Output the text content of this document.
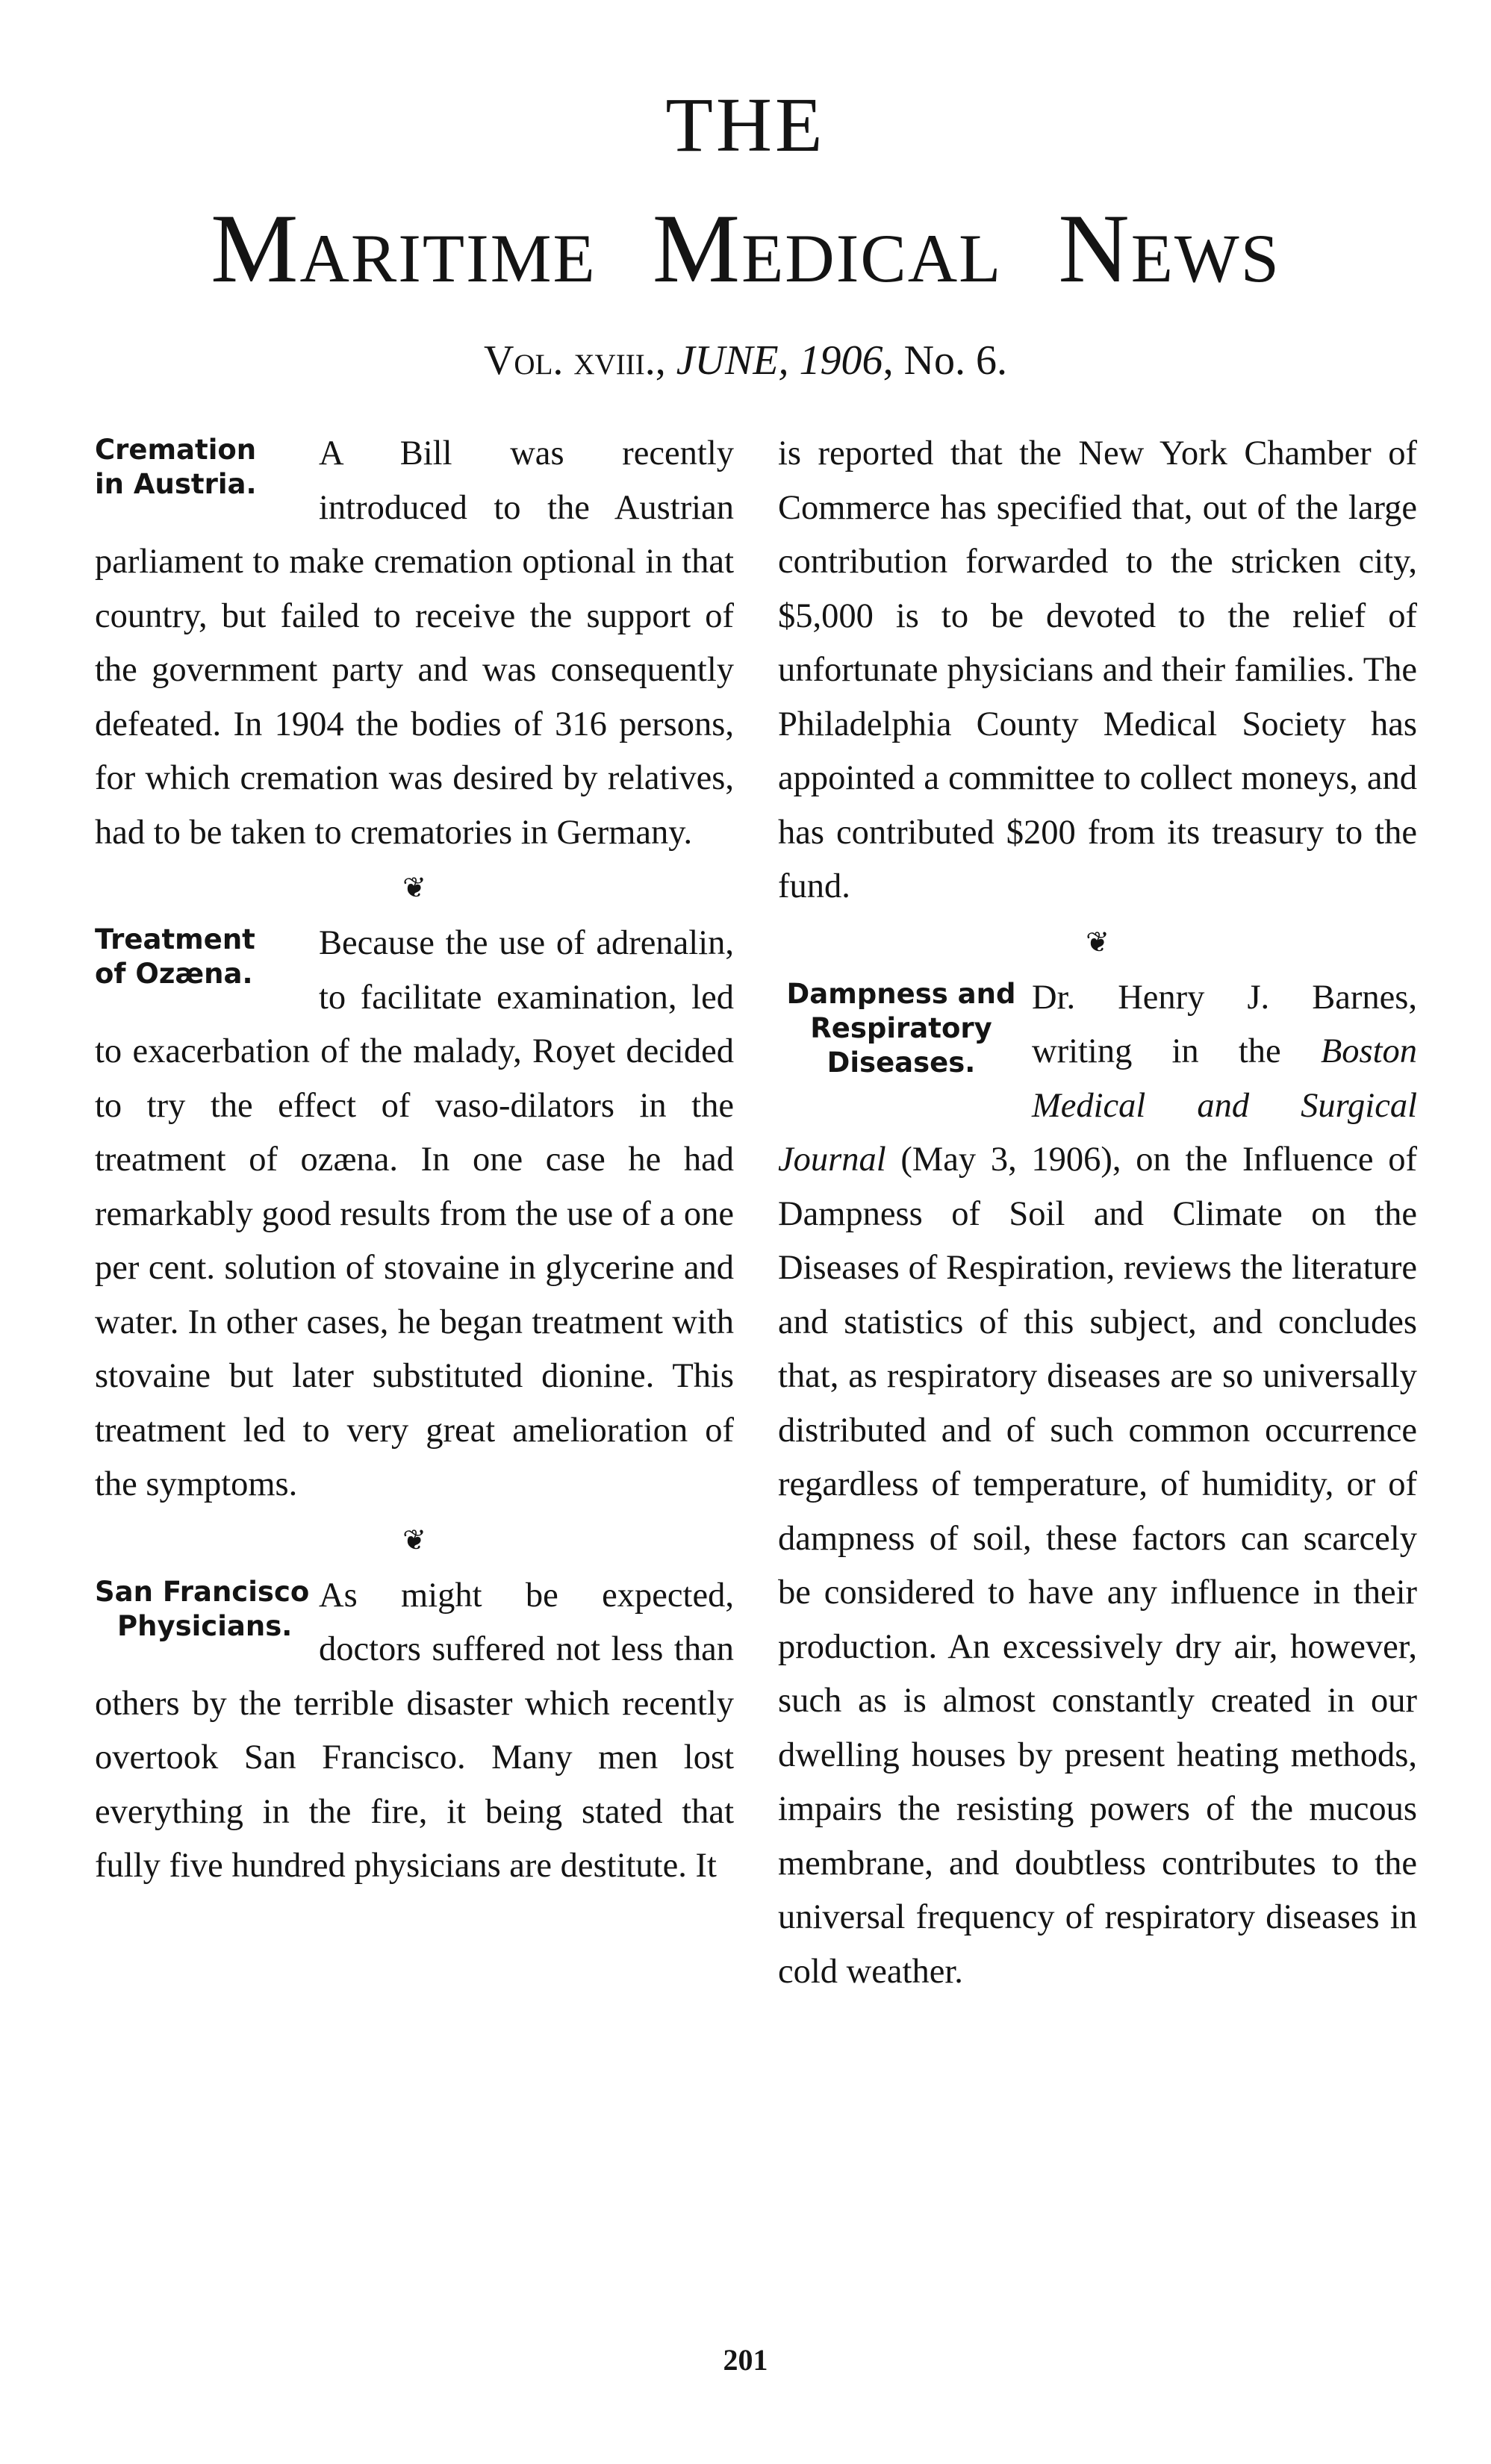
THE
Maritime Medical News
Vol. xviii., JUNE, 1906, No. 6.
Cremation
in Austria.

A Bill was recently introduced to the Austrian parliament to make cremation optional in that country, but failed to receive the support of the government party and was consequently defeated. In 1904 the bodies of 316 persons, for which cremation was desired by relatives, had to be taken to crematories in Germany.

❦
Treatment
of Ozæna.

Because the use of adrenalin, to facilitate examination, led to exacerbation of the malady, Royet decided to try the effect of vaso-dilators in the treatment of ozæna. In one case he had remarkably good results from the use of a one per cent. solution of stovaine in glycerine and water. In other cases, he began treatment with stovaine but later substituted dionine. This treatment led to very great amelioration of the symptoms.

❦
San Francisco
Physicians.

As might be expected, doctors suffered not less than others by the terrible disaster which recently overtook San Francisco. Many men lost everything in the fire, it being stated that fully five hundred physicians are destitute. It

is reported that the New York Chamber of Commerce has specified that, out of the large contribution forwarded to the stricken city, $5,000 is to be devoted to the relief of unfortunate physicians and their families. The Philadelphia County Medical Society has appointed a committee to collect moneys, and has contributed $200 from its treasury to the fund.

❦
Dampness and
Respiratory
Diseases.

Dr. Henry J. Barnes, writing in the Boston Medical and Surgical Journal (May 3, 1906), on the Influence of Dampness of Soil and Climate on the Diseases of Respiration, reviews the literature and statistics of this subject, and concludes that, as respiratory diseases are so universally distributed and of such common occurrence regardless of temperature, of humidity, or of dampness of soil, these factors can scarcely be considered to have any influence in their production. An excessively dry air, however, such as is almost constantly created in our dwelling houses by present heating methods, impairs the resisting powers of the mucous membrane, and doubtless contributes to the universal frequency of respiratory diseases in cold weather.

201
